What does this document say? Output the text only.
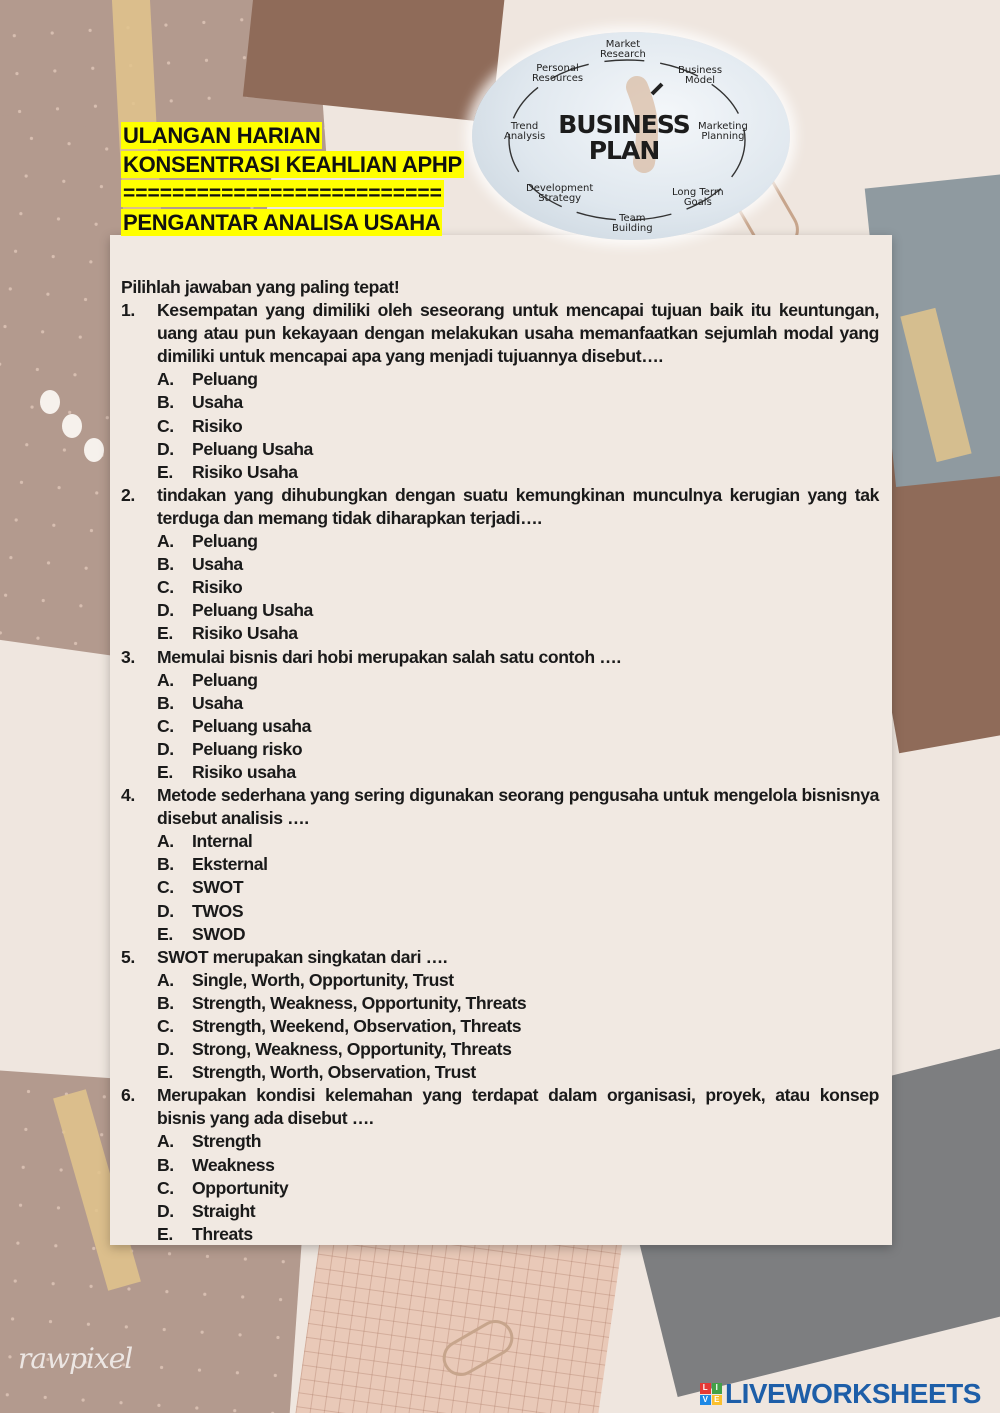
Market
Research
Personal
Resources
Business
Model
Trend
Analysis
Marketing
Planning
Development
Strategy
Long Term
Goals
Team
Building
BUSINESS
PLAN
ULANGAN HARIAN
KONSENTRASI KEAHLIAN APHP
==========================
PENGANTAR ANALISA USAHA

Pilihlah jawaban yang paling tepat!

1.	Kesempatan yang dimiliki oleh seseorang untuk mencapai tujuan baik itu keuntungan, uang atau pun kekayaan dengan melakukan usaha memanfaatkan sejumlah modal yang dimiliki untuk mencapai apa yang menjadi tujuannya disebut….
A.	Peluang
B.	Usaha
C.	Risiko
D.	Peluang Usaha
E.	Risiko Usaha
2.	tindakan yang dihubungkan dengan suatu kemungkinan munculnya kerugian yang tak terduga dan memang tidak diharapkan terjadi….
A.	Peluang
B.	Usaha
C.	Risiko
D.	Peluang Usaha
E.	Risiko Usaha
3.	Memulai bisnis dari hobi merupakan salah satu contoh ….
A.	Peluang
B.	Usaha
C.	Peluang usaha
D.	Peluang risko
E.	Risiko usaha
4.	Metode sederhana yang sering digunakan seorang pengusaha untuk mengelola bisnisnya disebut analisis ….
A.	Internal
B.	Eksternal
C.	SWOT
D.	TWOS
E.	SWOD
5.	SWOT merupakan singkatan dari ….
A.	Single, Worth, Opportunity, Trust
B.	Strength, Weakness, Opportunity, Threats
C.	Strength, Weekend, Observation, Threats
D.	Strong, Weakness, Opportunity, Threats
E.	Strength, Worth, Observation, Trust
6.	Merupakan kondisi kelemahan yang terdapat dalam organisasi, proyek, atau konsep bisnis yang ada disebut ….
A.	Strength
B.	Weakness
C.	Opportunity
D.	Straight
E.	Threats
rawpixel
L I
V E LIVEWORKSHEETS
